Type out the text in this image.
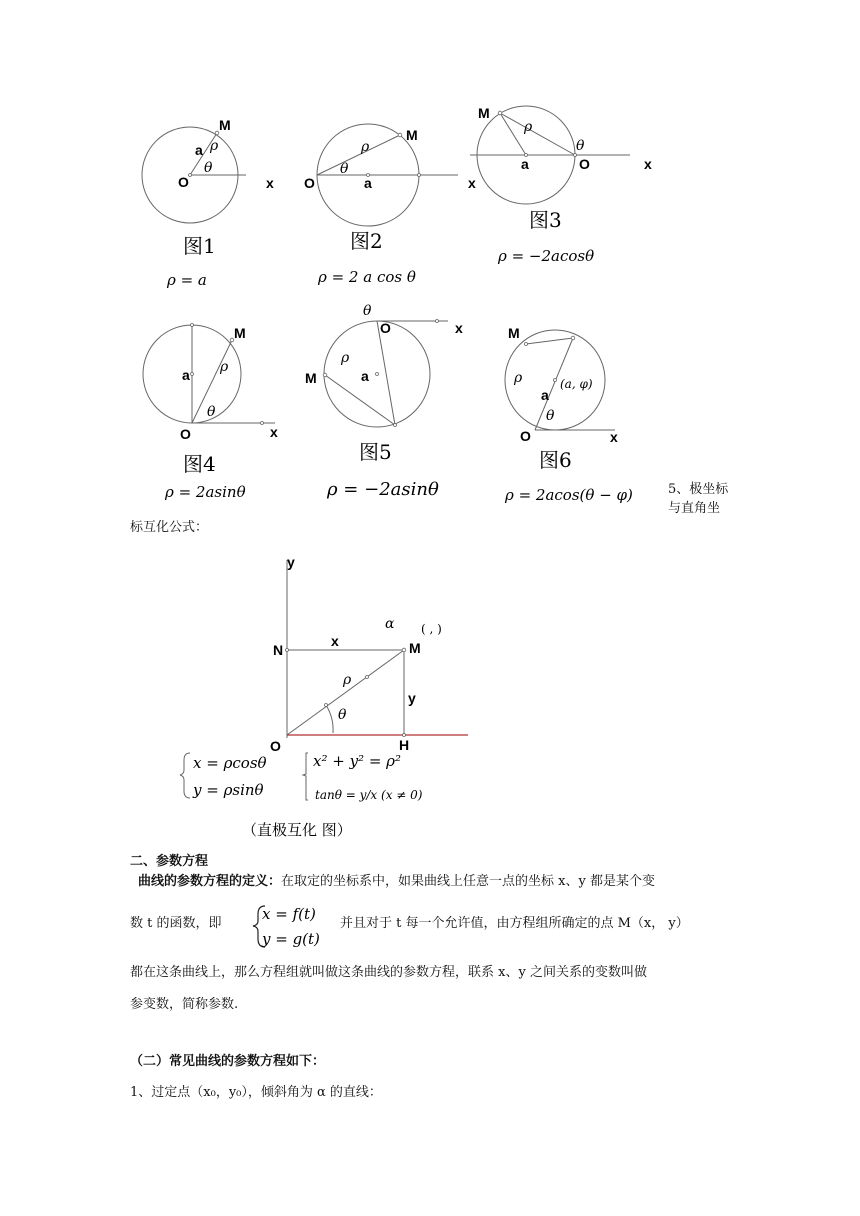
M
a ρ
θ
O	x
图1
ρ = a
M
ρ
θ
O	a	x
图2
ρ = 2 a cos θ
M
ρ
θ
a	O	x
图3
ρ = −2acosθ
M
a ρ
θ
O	x
图4
ρ = 2asinθ
θ
O	x
ρ
M	a
图5
ρ = −2asinθ
M
ρ	(a, φ)
a
θ
O	x
图6
ρ = 2acos(θ − φ)
y
α ( , )
N
x	M
ρ
y
θ
O	H
x = ρcosθ
y = ρsinθ
x² + y² = ρ²
tanθ = y/x (x ≠ 0)
（直极互化 图）
x = f(t)
y = g(t)
5、极坐标
与直角坐
标互化公式：
二、参数方程
曲线的参数方程的定义：在取定的坐标系中，如果曲线上任意一点的坐标 x、y 都是某个变
数 t 的函数，即	并且对于 t 每一个允许值，由方程组所确定的点 M（x， y）
都在这条曲线上，那么方程组就叫做这条曲线的参数方程，联系 x、y 之间关系的变数叫做
参变数，简称参数.
（二）常见曲线的参数方程如下：
1、过定点（x₀，y₀），倾斜角为 α 的直线：
